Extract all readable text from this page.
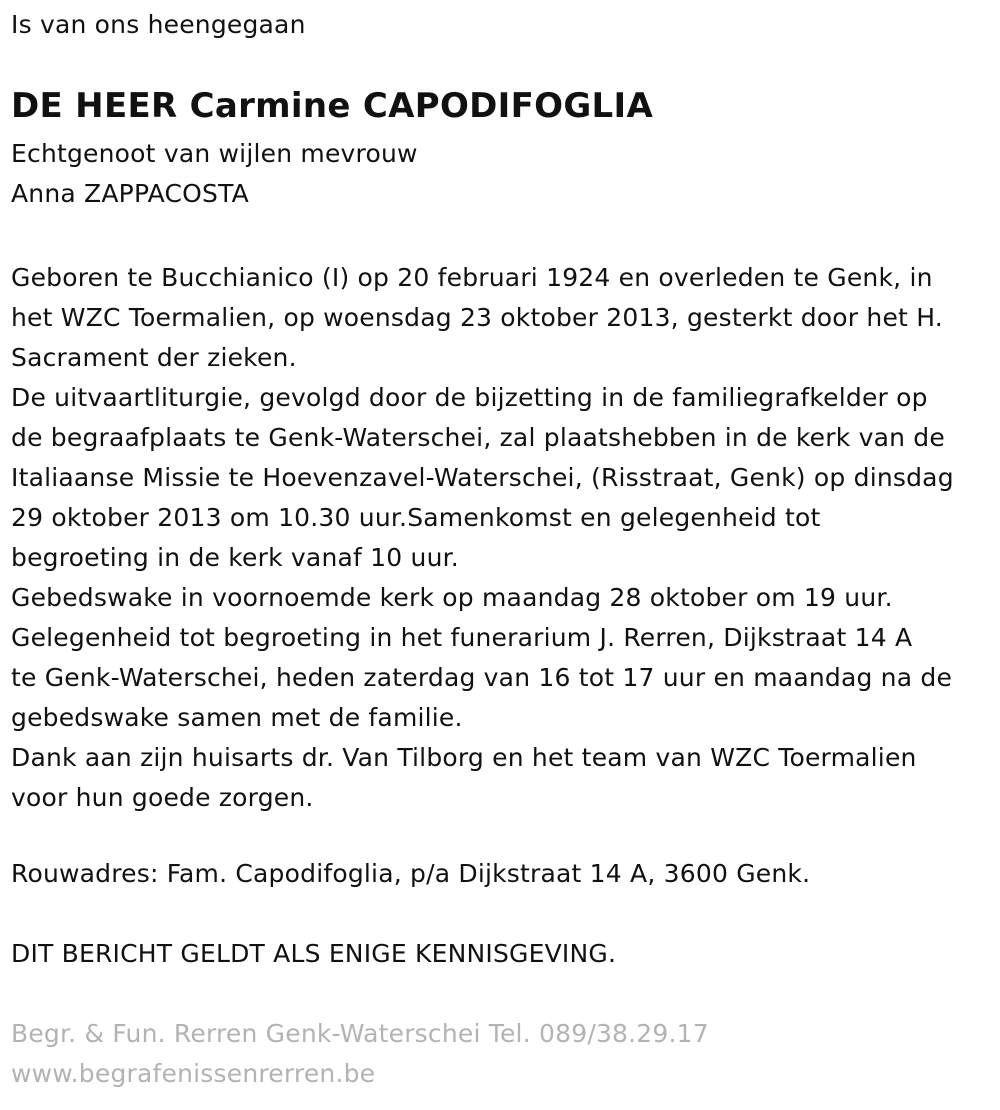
Is van ons heengegaan
DE HEER Carmine CAPODIFOGLIA
Echtgenoot van wijlen mevrouw
Anna ZAPPACOSTA
Geboren te Bucchianico (I) op 20 februari 1924 en overleden te Genk, in
het WZC Toermalien, op woensdag 23 oktober 2013, gesterkt door het H.
Sacrament der zieken.
De uitvaartliturgie, gevolgd door de bijzetting in de familiegrafkelder op
de begraafplaats te Genk-Waterschei, zal plaatshebben in de kerk van de
Italiaanse Missie te Hoevenzavel-Waterschei, (Risstraat, Genk) op dinsdag
29 oktober 2013 om 10.30 uur.Samenkomst en gelegenheid tot
begroeting in de kerk vanaf 10 uur.
Gebedswake in voornoemde kerk op maandag 28 oktober om 19 uur.
Gelegenheid tot begroeting in het funerarium J. Rerren, Dijkstraat 14 A
te Genk-Waterschei, heden zaterdag van 16 tot 17 uur en maandag na de
gebedswake samen met de familie.
Dank aan zijn huisarts dr. Van Tilborg en het team van WZC Toermalien
voor hun goede zorgen.
Rouwadres: Fam. Capodifoglia, p/a Dijkstraat 14 A, 3600 Genk.
DIT BERICHT GELDT ALS ENIGE KENNISGEVING.
Begr. & Fun. Rerren Genk-Waterschei Tel. 089/38.29.17
www.begrafenissenrerren.be
